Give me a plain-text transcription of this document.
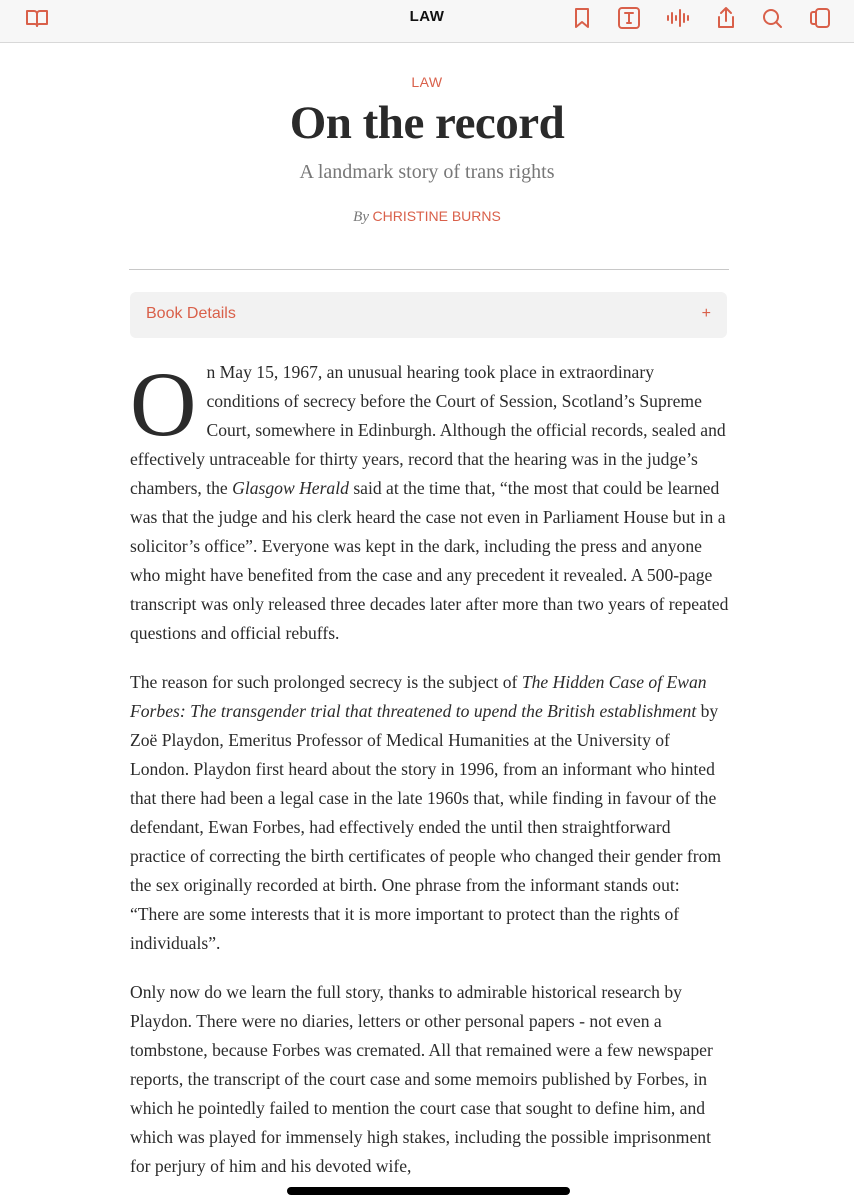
LAW
LAW
On the record
A landmark story of trans rights
By CHRISTINE BURNS
Book Details	+

On May 15, 1967, an unusual hearing took place in extraordinary conditions of secrecy before the Court of Session, Scotland’s Supreme Court, somewhere in Edinburgh. Although the official records, sealed and effectively untraceable for thirty years, record that the hearing was in the judge’s chambers, the Glasgow Herald said at the time that, “the most that could be learned was that the judge and his clerk heard the case not even in Parliament House but in a solicitor’s office”. Everyone was kept in the dark, including the press and anyone who might have benefited from the case and any precedent it revealed. A 500-page transcript was only released three decades later after more than two years of repeated questions and official rebuffs.

The reason for such prolonged secrecy is the subject of The Hidden Case of Ewan Forbes: The transgender trial that threatened to upend the British establishment by Zoë Playdon, Emeritus Professor of Medical Humanities at the University of London. Playdon first heard about the story in 1996, from an informant who hinted that there had been a legal case in the late 1960s that, while finding in favour of the defendant, Ewan Forbes, had effectively ended the until then straightforward practice of correcting the birth certificates of people who changed their gender from the sex originally recorded at birth. One phrase from the informant stands out: “There are some interests that it is more important to protect than the rights of individuals”.

Only now do we learn the full story, thanks to admirable historical research by Playdon. There were no diaries, letters or other personal papers - not even a tombstone, because Forbes was cremated. All that remained were a few newspaper reports, the transcript of the court case and some memoirs published by Forbes, in which he pointedly failed to mention the court case that sought to define him, and which was played for immensely high stakes, including the possible imprisonment for perjury of him and his devoted wife,
